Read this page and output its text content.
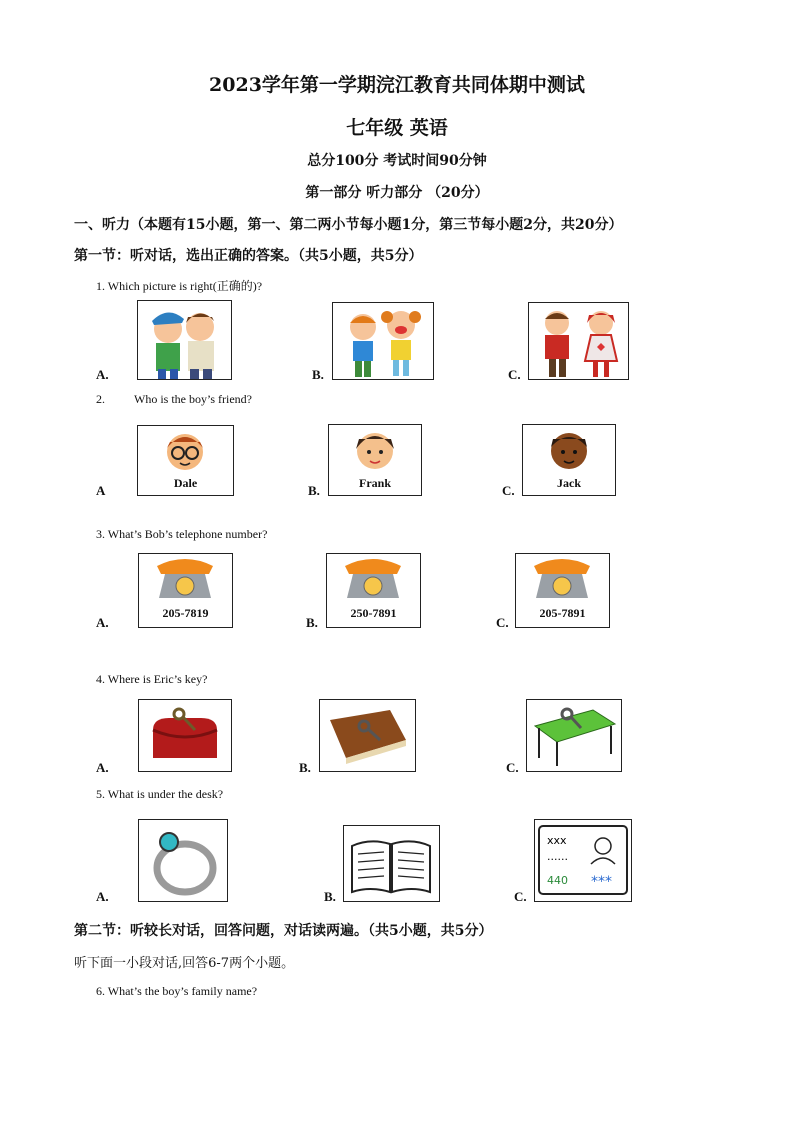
2023学年第一学期浣江教育共同体期中测试
七年级 英语
总分100分 考试时间90分钟
第一部分 听力部分 （20分）
一、听力（本题有15小题，第一、第二两小节每小题1分，第三节每小题2分，共20分）
第一节：听对话，选出正确的答案。（共5小题，共5分）
1. Which picture is right(正确的)?
A.	B.	C.
2. Who is the boy’s friend?
A	Dale	B.	Frank	C.	Jack
3. What’s Bob’s telephone number?
A.
205-7819
B.
250-7891
C.
205-7891
4. Where is Eric’s key?
A.	B.	C.
5. What is under the desk?
A.	B.	C.
xxx
......
440 ***
第二节：听较长对话，回答问题，对话读两遍。（共5小题，共5分）
听下面一小段对话,回答6-7两个小题。
6. What’s the boy’s family name?
